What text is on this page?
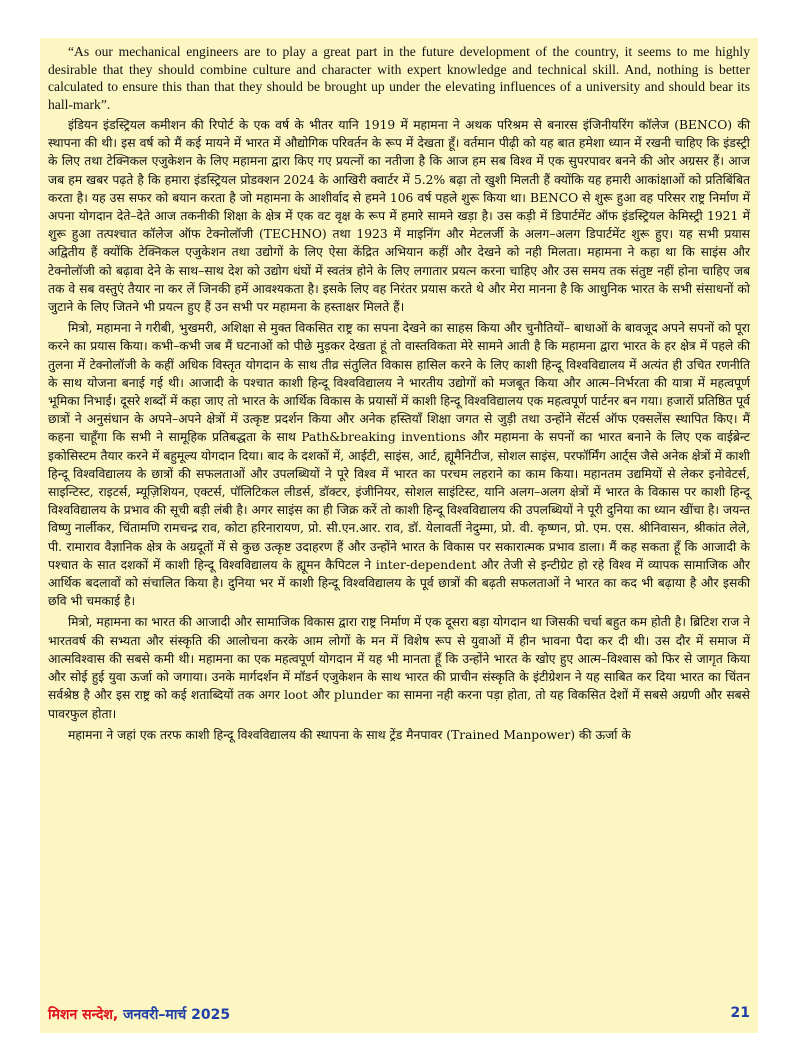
“As our mechanical engineers are to play a great part in the future development of the country, it seems to me highly desirable that they should combine culture and character with expert knowledge and technical skill. And, nothing is better calculated to ensure this than that they should be brought up under the elevating influences of a university and should bear its hall-mark”.

इंडियन इंडस्ट्रियल कमीशन की रिपोर्ट के एक वर्ष के भीतर यानि 1919 में महामना ने अथक परिश्रम से बनारस इंजिनीयरिंग कॉलेज (BENCO) की स्थापना की थी। इस वर्ष को मैं कई मायने में भारत में औद्योगिक परिवर्तन के रूप में देखता हूँ। वर्तमान पीढ़ी को यह बात हमेशा ध्यान में रखनी चाहिए कि इंडस्ट्री के लिए तथा टेक्निकल एजुकेशन के लिए महामना द्वारा किए गए प्रयत्नों का नतीजा है कि आज हम सब विश्व में एक सुपरपावर बनने की ओर अग्रसर हैं। आज जब हम खबर पढ़ते है कि हमारा इंडस्ट्रियल प्रोडक्शन 2024 के आखिरी क्वार्टर में 5.2% बढ़ा तो खुशी मिलती हैं क्योंकि यह हमारी आकांक्षाओं को प्रतिबिंबित करता है। यह उस सफर को बयान करता है जो महामना के आशीर्वाद से हमने 106 वर्ष पहले शुरू किया था। BENCO से शुरू हुआ वह परिसर राष्ट्र निर्माण में अपना योगदान देते–देते आज तकनीकी शिक्षा के क्षेत्र में एक वट वृक्ष के रूप में हमारे सामने खड़ा है। उस कड़ी में डिपार्टमेंट ऑफ इंडस्ट्रियल केमिस्ट्री 1921 में शुरू हुआ तत्पश्चात कॉलेज ऑफ टेक्नोलॉजी (TECHNO) तथा 1923 में माइनिंग और मेटलर्जी के अलग–अलग डिपार्टमेंट शुरू हुए। यह सभी प्रयास अद्वितीय हैं क्योंकि टेक्निकल एजुकेशन तथा उद्योगों के लिए ऐसा केंद्रित अभियान कहीं और देखने को नही मिलता। महामना ने कहा था कि साइंस और टेक्नोलॉजी को बढ़ावा देने के साथ–साथ देश को उद्योग धंघों में स्वतंत्र होने के लिए लगातार प्रयत्न करना चाहिए और उस समय तक संतुष्ट नहीं होना चाहिए जब तक वे सब वस्तुएं तैयार ना कर लें जिनकी हमें आवश्यकता है। इसके लिए वह निरंतर प्रयास करते थे और मेरा मानना है कि आधुनिक भारत के सभी संसाधनों को जुटाने के लिए जितने भी प्रयत्न हुए हैं उन सभी पर महामना के हस्ताक्षर मिलते हैं।

मित्रो, महामना ने गरीबी, भुखमरी, अशिक्षा से मुक्त विकसित राष्ट्र का सपना देखने का साहस किया और चुनौतियों– बाधाओं के बावजूद अपने सपनों को पूरा करने का प्रयास किया। कभी–कभी जब मैं घटनाओं को पीछे मुड़कर देखता हूं तो वास्तविकता मेरे सामने आती है कि महामना द्वारा भारत के हर क्षेत्र में पहले की तुलना में टेक्नोलॉजी के कहीं अधिक विस्तृत योगदान के साथ तीव्र संतुलित विकास हासिल करने के लिए काशी हिन्दू विश्वविद्यालय में अत्यंत ही उचित रणनीति के साथ योजना बनाई गई थी। आजादी के पश्चात काशी हिन्दू विश्वविद्यालय ने भारतीय उद्योगों को मजबूत किया और आत्म–निर्भरता की यात्रा में महत्वपूर्ण भूमिका निभाई। दूसरे शब्दों में कहा जाए तो भारत के आर्थिक विकास के प्रयासों में काशी हिन्दू विश्वविद्यालय एक महत्वपूर्ण पार्टनर बन गया। हजारों प्रतिष्ठित पूर्व छात्रों ने अनुसंधान के अपने–अपने क्षेत्रों में उत्कृष्ट प्रदर्शन किया और अनेक हस्तियाँ शिक्षा जगत से जुड़ी तथा उन्होंने सेंटर्स ऑफ एक्सलेंस स्थापित किए। मैं कहना चाहूँगा कि सभी ने सामूहिक प्रतिबद्धता के साथ Path&breaking inventions और महामना के सपनों का भारत बनाने के लिए एक वाईब्रेन्ट इकोसिस्टम तैयार करने में बहुमूल्य योगदान दिया। बाद के दशकों में, आईटी, साइंस, आर्ट, ह्यूमैनिटीज, सोशल साइंस, परफॉर्मिंग आर्ट्स जैसे अनेक क्षेत्रों में काशी हिन्दू विश्वविद्यालय के छात्रों की सफलताओं और उपलब्धियों ने पूरे विश्व में भारत का परचम लहराने का काम किया। महानतम उद्यमियों से लेकर इनोवेटर्स, साइन्टिस्ट, राइटर्स, म्यूज़िशियन, एक्टर्स, पॉलिटिकल लीडर्स, डॉक्टर, इंजीनियर, सोशल साइंटिस्ट, यानि अलग–अलग क्षेत्रों में भारत के विकास पर काशी हिन्दू विश्वविद्यालय के प्रभाव की सूची बड़ी लंबी है। अगर साइंस का ही जिक्र करें तो काशी हिन्दू विश्वविद्यालय की उपलब्धियों ने पूरी दुनिया का ध्यान खींचा है। जयन्त विष्णु नार्लीकर, चिंतामणि रामचन्द्र राव, कोटा हरिनारायण, प्रो. सी.एन.आर. राव, डॉ. येलावर्ती नेदुम्मा, प्रो. वी. कृष्णन, प्रो. एम. एस. श्रीनिवासन, श्रीकांत लेले, पी. रामाराव वैज्ञानिक क्षेत्र के अग्रदूतों में से कुछ उत्कृष्ट उदाहरण हैं और उन्होंने भारत के विकास पर सकारात्मक प्रभाव डाला। मैं कह सकता हूँ कि आजादी के पश्चात के सात दशकों में काशी हिन्दू विश्वविद्यालय के ह्यूमन कैपिटल ने inter-dependent और तेजी से इन्टीग्रेट हो रहे विश्व में व्यापक सामाजिक और आर्थिक बदलावों को संचालित किया है। दुनिया भर में काशी हिन्दू विश्वविद्यालय के पूर्व छात्रों की बढ़ती सफलताओं ने भारत का कद भी बढ़ाया है और इसकी छवि भी चमकाई है।

मित्रो, महामना का भारत की आजादी और सामाजिक विकास द्वारा राष्ट्र निर्माण में एक दूसरा बड़ा योगदान था जिसकी चर्चा बहुत कम होती है। ब्रिटिश राज ने भारतवर्ष की सभ्यता और संस्कृति की आलोचना करके आम लोगों के मन में विशेष रूप से युवाओं में हीन भावना पैदा कर दी थी। उस दौर में समाज में आत्मविश्वास की सबसे कमी थी। महामना का एक महत्वपूर्ण योगदान में यह भी मानता हूँ कि उन्होंने भारत के खोए हुए आत्म–विश्वास को फिर से जागृत किया और सोई हुई युवा ऊर्जा को जगाया। उनके मार्गदर्शन में मॉडर्न एजुकेशन के साथ भारत की प्राचीन संस्कृति के इंटीग्रेशन ने यह साबित कर दिया भारत का चिंतन सर्वश्रेष्ठ है और इस राष्ट्र को कई शताब्दियों तक अगर loot और plunder का सामना नही करना पड़ा होता, तो यह विकसित देशों में सबसे अग्रणी और सबसे पावरफुल होता।

महामना ने जहां एक तरफ काशी हिन्दू विश्वविद्यालय की स्थापना के साथ ट्रेंड मैनपावर (Trained Manpower) की ऊर्जा के

मिशन सन्देश, जनवरी–मार्च 2025	21
